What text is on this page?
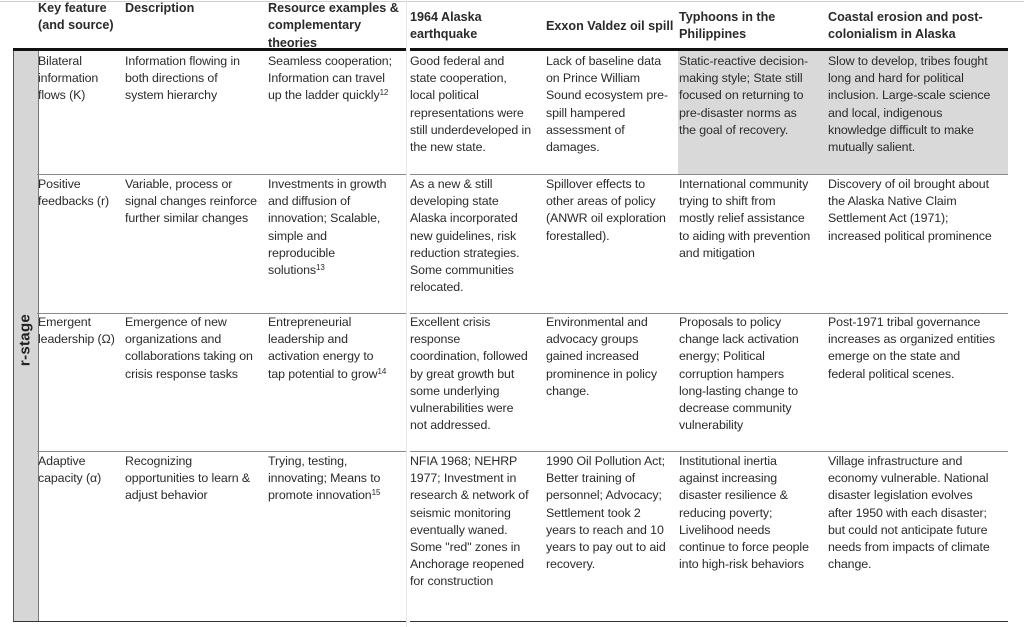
Key feature
(and source)
Description	Resource examples &
complementary
theories
1964 Alaska
earthquake
Exxon Valdez oil spill
Typhoons in the
Philippines
Coastal erosion and post-
colonialism in Alaska
r-stage
Bilateral
information
flows (K)
Information flowing in
both directions of
system hierarchy
Seamless cooperation;
Information can travel
up the ladder quickly$^{12}$
Good federal and
state cooperation,
local political
representations were
still underdeveloped in
the new state.
Lack of baseline data
on Prince William
Sound ecosystem pre-
spill hampered
assessment of
damages.
Static-reactive decision-
making style; State still
focused on returning to
pre-disaster norms as
the goal of recovery.
Slow to develop, tribes fought
long and hard for political
inclusion. Large-scale science
and local, indigenous
knowledge difficult to make
mutually salient.
Positive
feedbacks (r)
Variable, process or
signal changes reinforce
further similar changes
Investments in growth
and diffusion of
innovation; Scalable,
simple and
reproducible
solutions$^{13}$
As a new & still
developing state
Alaska incorporated
new guidelines, risk
reduction strategies.
Some communities
relocated.
Spillover effects to
other areas of policy
(ANWR oil exploration
forestalled).
International community
trying to shift from
mostly relief assistance
to aiding with prevention
and mitigation
Discovery of oil brought about
the Alaska Native Claim
Settlement Act (1971);
increased political prominence
Emergent
leadership (Ω)
Emergence of new
organizations and
collaborations taking on
crisis response tasks
Entrepreneurial
leadership and
activation energy to
tap potential to grow$^{14}$
Excellent crisis
response
coordination, followed
by great growth but
some underlying
vulnerabilities were
not addressed.
Environmental and
advocacy groups
gained increased
prominence in policy
change.
Proposals to policy
change lack activation
energy; Political
corruption hampers
long-lasting change to
decrease community
vulnerability
Post-1971 tribal governance
increases as organized entities
emerge on the state and
federal political scenes.
Adaptive
capacity (α)
Recognizing
opportunities to learn &
adjust behavior
Trying, testing,
innovating; Means to
promote innovation$^{15}$
NFIA 1968; NEHRP
1977; Investment in
research & network of
seismic monitoring
eventually waned.
Some "red" zones in
Anchorage reopened
for construction
1990 Oil Pollution Act;
Better training of
personnel; Advocacy;
Settlement took 2
years to reach and 10
years to pay out to aid
recovery.
Institutional inertia
against increasing
disaster resilience &
reducing poverty;
Livelihood needs
continue to force people
into high-risk behaviors
Village infrastructure and
economy vulnerable. National
disaster legislation evolves
after 1950 with each disaster;
but could not anticipate future
needs from impacts of climate
change.
